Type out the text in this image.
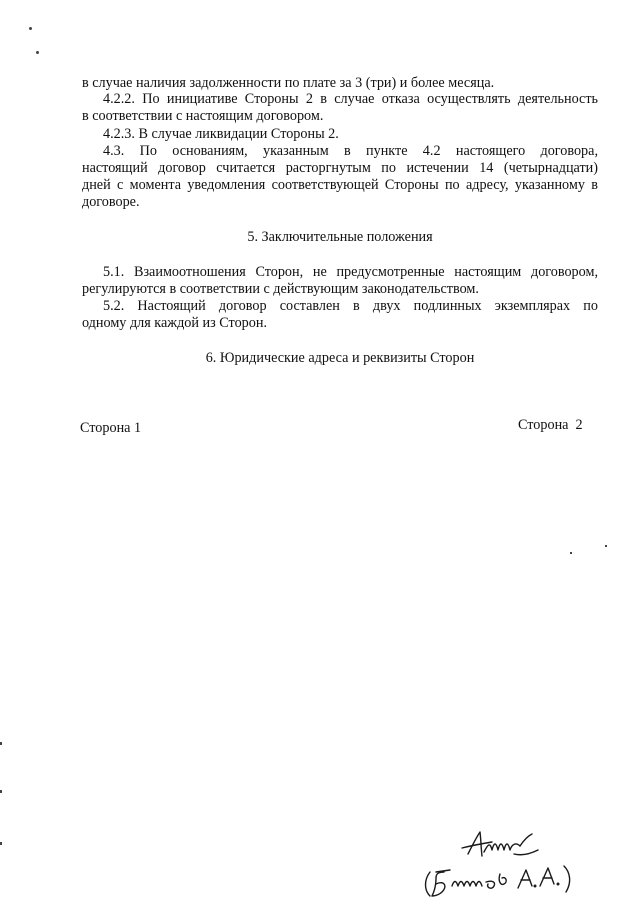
в случае наличия задолженности по плате за 3 (три) и более месяца.
4.2.2. По инициативе Стороны 2 в случае отказа осуществлять деятельность
в соответствии с настоящим договором.
4.2.3. В случае ликвидации Стороны 2.
4.3. По основаниям, указанным в пункте 4.2 настоящего договора,
настоящий договор считается расторгнутым по истечении 14 (четырнадцати)
дней с момента уведомления соответствующей Стороны по адресу, указанному в
договоре.
5. Заключительные положения
5.1. Взаимоотношения Сторон, не предусмотренные настоящим договором,
регулируются в соответствии с действующим законодательством.
5.2. Настоящий договор составлен в двух подлинных экземплярах по
одному для каждой из Сторон.
6. Юридические адреса и реквизиты Сторон
Сторона 1	Сторона  2
